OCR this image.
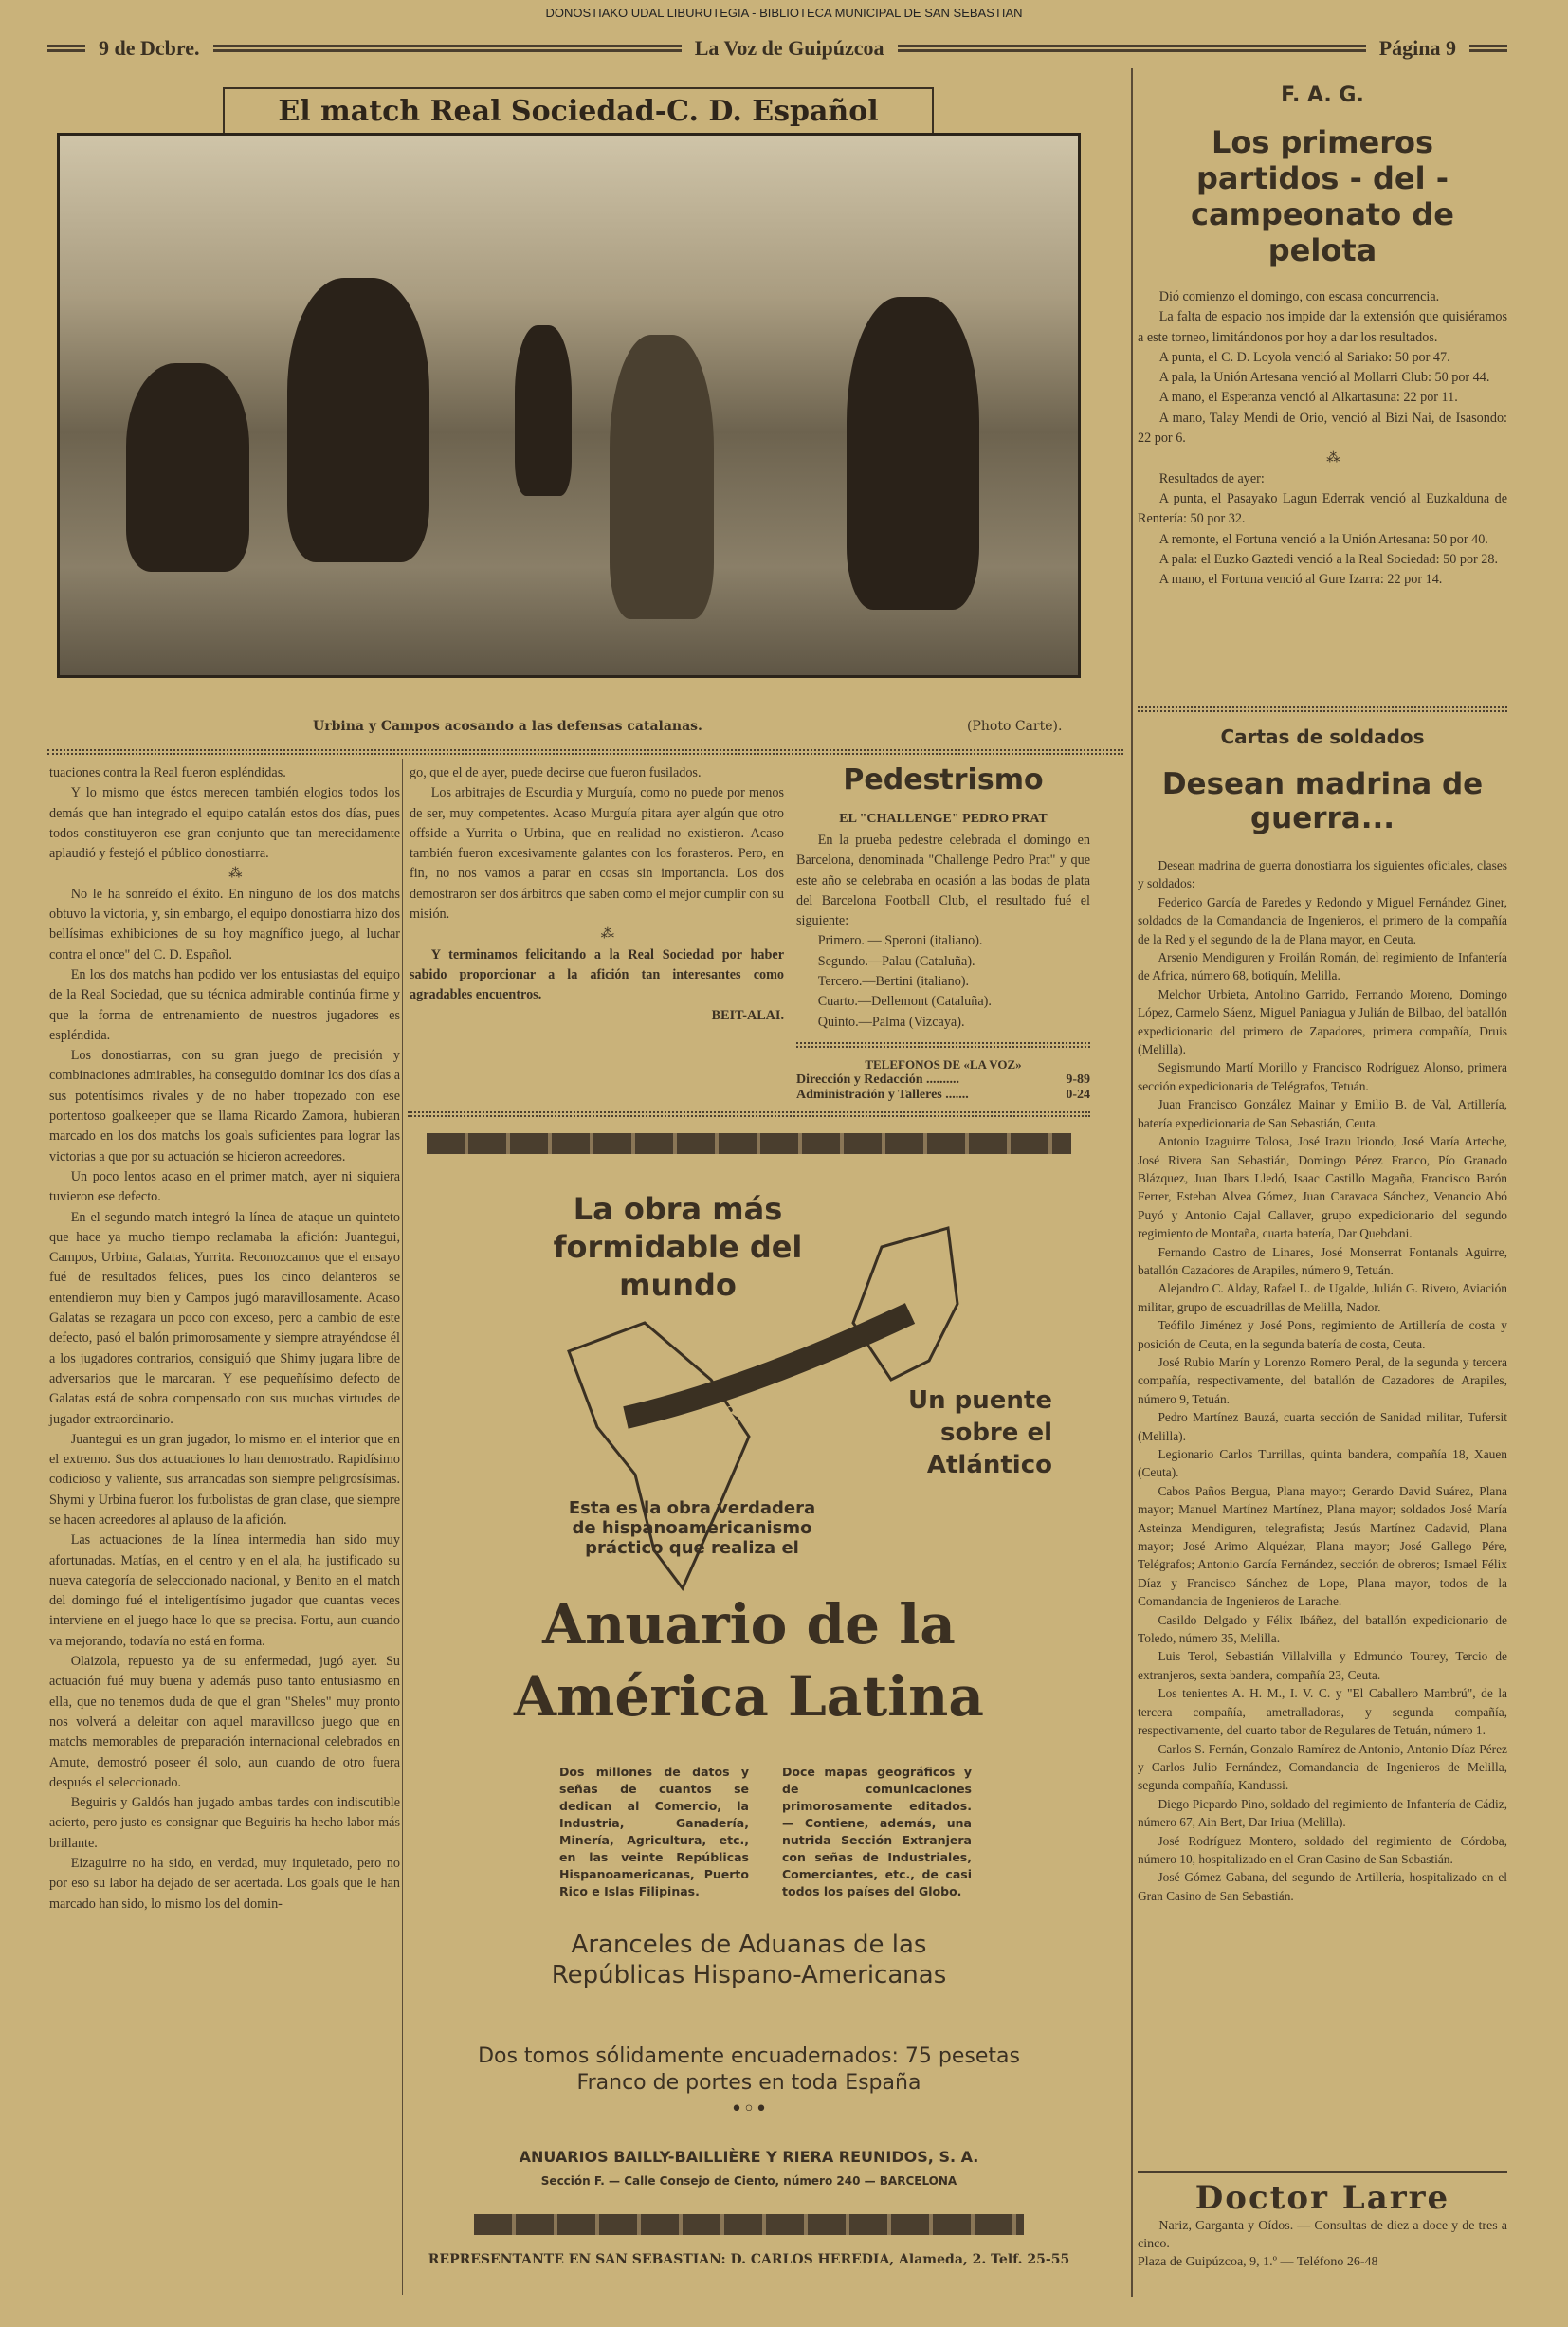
DONOSTIAKO UDAL LIBURUTEGIA - BIBLIOTECA MUNICIPAL DE SAN SEBASTIAN
9 de Dcbre.	La Voz de Guipúzcoa	Página 9
El match Real Sociedad-C. D. Español
Urbina y Campos acosando a las defensas catalanas.	(Photo Carte).

tuaciones contra la Real fueron espléndidas.

Y lo mismo que éstos merecen también elogios todos los demás que han integrado el equipo catalán estos dos días, pues todos constituyeron ese gran conjunto que tan merecidamente aplaudió y festejó el público donostiarra.

⁂

No le ha sonreído el éxito. En ninguno de los dos matchs obtuvo la victoria, y, sin embargo, el equipo donostiarra hizo dos bellísimas exhibiciones de su hoy magnífico juego, al luchar contra el once" del C. D. Español.

En los dos matchs han podido ver los entusiastas del equipo de la Real Sociedad, que su técnica admirable continúa firme y que la forma de entrenamiento de nuestros jugadores es espléndida.

Los donostiarras, con su gran juego de precisión y combinaciones admirables, ha conseguido dominar los dos días a sus potentísimos rivales y de no haber tropezado con ese portentoso goalkeeper que se llama Ricardo Zamora, hubieran marcado en los dos matchs los goals suficientes para lograr las victorias a que por su actuación se hicieron acreedores.

Un poco lentos acaso en el primer match, ayer ni siquiera tuvieron ese defecto.

En el segundo match integró la línea de ataque un quinteto que hace ya mucho tiempo reclamaba la afición: Juantegui, Campos, Urbina, Galatas, Yurrita. Reconozcamos que el ensayo fué de resultados felices, pues los cinco delanteros se entendieron muy bien y Campos jugó maravillosamente. Acaso Galatas se rezagara un poco con exceso, pero a cambio de este defecto, pasó el balón primorosamente y siempre atrayéndose él a los jugadores contrarios, consiguió que Shimy jugara libre de adversarios que le marcaran. Y ese pequeñísimo defecto de Galatas está de sobra compensado con sus muchas virtudes de jugador extraordinario.

Juantegui es un gran jugador, lo mismo en el interior que en el extremo. Sus dos actuaciones lo han demostrado. Rapidísimo codicioso y valiente, sus arrancadas son siempre peligrosísimas. Shymi y Urbina fueron los futbolistas de gran clase, que siempre se hacen acreedores al aplauso de la afición.

Las actuaciones de la línea intermedia han sido muy afortunadas. Matías, en el centro y en el ala, ha justificado su nueva categoría de seleccionado nacional, y Benito en el match del domingo fué el inteligentísimo jugador que cuantas veces interviene en el juego hace lo que se precisa. Fortu, aun cuando va mejorando, todavía no está en forma.

Olaizola, repuesto ya de su enfermedad, jugó ayer. Su actuación fué muy buena y además puso tanto entusiasmo en ella, que no tenemos duda de que el gran "Sheles" muy pronto nos volverá a deleitar con aquel maravilloso juego que en matchs memorables de preparación internacional celebrados en Amute, demostró poseer él solo, aun cuando de otro fuera después el seleccionado.

Beguiris y Galdós han jugado ambas tardes con indiscutible acierto, pero justo es consignar que Beguiris ha hecho labor más brillante.

Eizaguirre no ha sido, en verdad, muy inquietado, pero no por eso su labor ha dejado de ser acertada. Los goals que le han marcado han sido, lo mismo los del domin-

go, que el de ayer, puede decirse que fueron fusilados.

Los arbitrajes de Escurdia y Murguía, como no puede por menos de ser, muy competentes. Acaso Murguía pitara ayer algún que otro offside a Yurrita o Urbina, que en realidad no existieron. Acaso también fueron excesivamente galantes con los forasteros. Pero, en fin, no nos vamos a parar en cosas sin importancia. Los dos demostraron ser dos árbitros que saben como el mejor cumplir con su misión.

⁂

Y terminamos felicitando a la Real Sociedad por haber sabido proporcionar a la afición tan interesantes como agradables encuentros.

BEIT-ALAI.

Pedestrismo
EL "CHALLENGE" PEDRO PRAT

En la prueba pedestre celebrada el domingo en Barcelona, denominada "Challenge Pedro Prat" y que este año se celebraba en ocasión a las bodas de plata del Barcelona Football Club, el resultado fué el siguiente:

Primero. — Speroni (italiano).

Segundo.—Palau (Cataluña).

Tercero.—Bertini (italiano).

Cuarto.—Dellemont (Cataluña).

Quinto.—Palma (Vizcaya).

TELEFONOS DE «LA VOZ»
Dirección y Redacción ..........	9-89
Administración y Talleres .......	0-24
La obra más formidable del mundo
AMÉRICA—ESPAÑA	Un puente sobre el Atlántico
Esta es la obra verdadera de hispanoamericanismo práctico que realiza el
Anuario de la
América Latina
Dos millones de datos y señas de cuantos se dedican al Comercio, la Industria, Ganadería, Minería, Agricultura, etc., en las veinte Repúblicas Hispanoamericanas, Puerto Rico e Islas Filipinas.
Doce mapas geográficos y de comunicaciones primorosamente editados. — Contiene, además, una nutrida Sección Extranjera con señas de Industriales, Comerciantes, etc., de casi todos los países del Globo.
Aranceles de Aduanas de las Repúblicas Hispano-Americanas
Dos tomos sólidamente encuadernados: 75 pesetas
Franco de portes en toda España
•◦•
ANUARIOS BAILLY-BAILLIÈRE Y RIERA REUNIDOS, S. A.
Sección F. — Calle Consejo de Ciento, número 240 — BARCELONA
REPRESENTANTE EN SAN SEBASTIAN: D. CARLOS HEREDIA, Alameda, 2. Telf. 25-55
F. A. G.
Los primeros partidos - del - campeonato de pelota

Dió comienzo el domingo, con escasa concurrencia.

La falta de espacio nos impide dar la extensión que quisiéramos a este torneo, limitándonos por hoy a dar los resultados.

A punta, el C. D. Loyola venció al Sariako: 50 por 47.

A pala, la Unión Artesana venció al Mollarri Club: 50 por 44.

A mano, el Esperanza venció al Alkartasuna: 22 por 11.

A mano, Talay Mendi de Orio, venció al Bizi Nai, de Isasondo: 22 por 6.

⁂

Resultados de ayer:

A punta, el Pasayako Lagun Ederrak venció al Euzkalduna de Rentería: 50 por 32.

A remonte, el Fortuna venció a la Unión Artesana: 50 por 40.

A pala: el Euzko Gaztedi venció a la Real Sociedad: 50 por 28.

A mano, el Fortuna venció al Gure Izarra: 22 por 14.

Cartas de soldados
Desean madrina de guerra...

Desean madrina de guerra donostiarra los siguientes oficiales, clases y soldados:

Federico García de Paredes y Redondo y Miguel Fernández Giner, soldados de la Comandancia de Ingenieros, el primero de la compañía de la Red y el segundo de la de Plana mayor, en Ceuta.

Arsenio Mendiguren y Froilán Román, del regimiento de Infantería de Africa, número 68, botiquín, Melilla.

Melchor Urbieta, Antolino Garrido, Fernando Moreno, Domingo López, Carmelo Sáenz, Miguel Paniagua y Julián de Bilbao, del batallón expedicionario del primero de Zapadores, primera compañía, Druis (Melilla).

Segismundo Martí Morillo y Francisco Rodríguez Alonso, primera sección expedicionaria de Telégrafos, Tetuán.

Juan Francisco González Mainar y Emilio B. de Val, Artillería, batería expedicionaria de San Sebastián, Ceuta.

Antonio Izaguirre Tolosa, José Irazu Iriondo, José María Arteche, José Rivera San Sebastián, Domingo Pérez Franco, Pío Granado Blázquez, Juan Ibars Lledó, Isaac Castillo Magaña, Francisco Barón Ferrer, Esteban Alvea Gómez, Juan Caravaca Sánchez, Venancio Abó Puyó y Antonio Cajal Callaver, grupo expedicionario del segundo regimiento de Montaña, cuarta batería, Dar Quebdani.

Fernando Castro de Linares, José Monserrat Fontanals Aguirre, batallón Cazadores de Arapiles, número 9, Tetuán.

Alejandro C. Alday, Rafael L. de Ugalde, Julián G. Rivero, Aviación militar, grupo de escuadrillas de Melilla, Nador.

Teófilo Jiménez y José Pons, regimiento de Artillería de costa y posición de Ceuta, en la segunda batería de costa, Ceuta.

José Rubio Marín y Lorenzo Romero Peral, de la segunda y tercera compañía, respectivamente, del batallón de Cazadores de Arapiles, número 9, Tetuán.

Pedro Martínez Bauzá, cuarta sección de Sanidad militar, Tufersit (Melilla).

Legionario Carlos Turrillas, quinta bandera, compañía 18, Xauen (Ceuta).

Cabos Paños Bergua, Plana mayor; Gerardo David Suárez, Plana mayor; Manuel Martínez Martínez, Plana mayor; soldados José María Asteinza Mendiguren, telegrafista; Jesús Martínez Cadavid, Plana mayor; José Arimo Alquézar, Plana mayor; José Gallego Pére, Telégrafos; Antonio García Fernández, sección de obreros; Ismael Félix Díaz y Francisco Sánchez de Lope, Plana mayor, todos de la Comandancia de Ingenieros de Larache.

Casildo Delgado y Félix Ibáñez, del batallón expedicionario de Toledo, número 35, Melilla.

Luis Terol, Sebastián Villalvilla y Edmundo Tourey, Tercio de extranjeros, sexta bandera, compañía 23, Ceuta.

Los tenientes A. H. M., I. V. C. y "El Caballero Mambrú", de la tercera compañía, ametralladoras, y segunda compañía, respectivamente, del cuarto tabor de Regulares de Tetuán, número 1.

Carlos S. Fernán, Gonzalo Ramírez de Antonio, Antonio Díaz Pérez y Carlos Julio Fernández, Comandancia de Ingenieros de Melilla, segunda compañía, Kandussi.

Diego Picpardo Pino, soldado del regimiento de Infantería de Cádiz, número 67, Ain Bert, Dar Iriua (Melilla).

José Rodríguez Montero, soldado del regimiento de Córdoba, número 10, hospitalizado en el Gran Casino de San Sebastián.

José Gómez Gabana, del segundo de Artillería, hospitalizado en el Gran Casino de San Sebastián.

Doctor Larre

Nariz, Garganta y Oídos. — Consultas de diez a doce y de tres a cinco.

Plaza de Guipúzcoa, 9, 1.º — Teléfono 26-48
